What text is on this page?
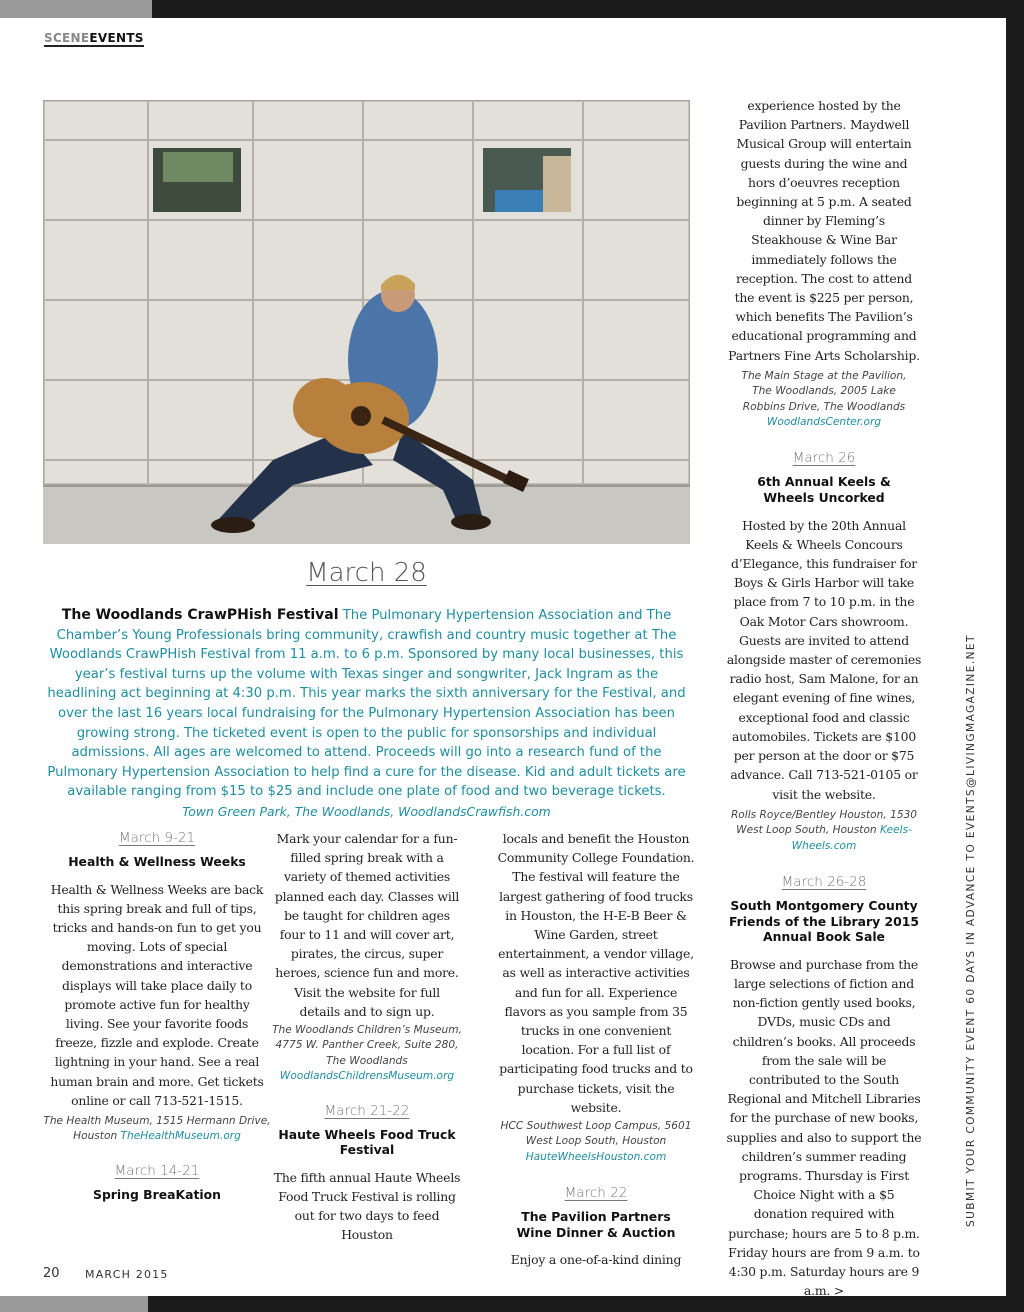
SCENEEVENTS
March 28
The Woodlands CrawPHish Festival The Pulmonary Hypertension Association and The Chamber’s Young Professionals bring community, crawfish and country music together at The Woodlands CrawPHish Festival from 11 a.m. to 6 p.m. Sponsored by many local businesses, this year’s festival turns up the volume with Texas singer and songwriter, Jack Ingram as the headlining act beginning at 4:30 p.m. This year marks the sixth anniversary for the Festival, and over the last 16 years local fundraising for the Pulmonary Hypertension Association has been growing strong. The ticketed event is open to the public for sponsorships and individual admissions. All ages are welcomed to attend. Proceeds will go into a research fund of the Pulmonary Hypertension Association to help find a cure for the disease. Kid and adult tickets are available ranging from $15 to $25 and include one plate of food and two beverage tickets.
Town Green Park, The Woodlands, WoodlandsCrawfish.com
March 9-21
Health & Wellness Weeks
Health & Wellness Weeks are back this spring break and full of tips, tricks and hands-on fun to get you moving. Lots of special demonstrations and interactive displays will take place daily to promote active fun for healthy living. See your favorite foods freeze, fizzle and explode. Create lightning in your hand. See a real human brain and more. Get tickets online or call 713-521-1515.
The Health Museum, 1515 Hermann Drive, Houston TheHealthMuseum.org
March 14-21
Spring BreaKation
Mark your calendar for a fun-filled spring break with a variety of themed activities planned each day. Classes will be taught for children ages four to 11 and will cover art, pirates, the circus, super heroes, science fun and more. Visit the website for full details and to sign up.
The Woodlands Children’s Museum, 4775 W. Panther Creek, Suite 280, The Woodlands
WoodlandsChildrensMuseum.org
March 21-22
Haute Wheels Food Truck Festival
The fifth annual Haute Wheels Food Truck Festival is rolling out for two days to feed Houston
locals and benefit the Houston Community College Foundation. The festival will feature the largest gathering of food trucks in Houston, the H-E-B Beer & Wine Garden, street entertainment, a vendor village, as well as interactive activities and fun for all. Experience flavors as you sample from 35 trucks in one convenient location. For a full list of participating food trucks and to purchase tickets, visit the website.
HCC Southwest Loop Campus, 5601 West Loop South, Houston
HauteWheelsHouston.com
March 22
The Pavilion Partners Wine Dinner & Auction
Enjoy a one-of-a-kind dining
experience hosted by the Pavilion Partners. Maydwell Musical Group will entertain guests during the wine and hors d’oeuvres reception beginning at 5 p.m. A seated dinner by Fleming’s Steakhouse & Wine Bar immediately follows the reception. The cost to attend the event is $225 per person, which benefits The Pavilion’s educational programming and Partners Fine Arts Scholarship.
The Main Stage at the Pavilion, The Woodlands, 2005 Lake Robbins Drive, The Woodlands
WoodlandsCenter.org
March 26
6th Annual Keels & Wheels Uncorked
Hosted by the 20th Annual Keels & Wheels Concours d’Elegance, this fundraiser for Boys & Girls Harbor will take place from 7 to 10 p.m. in the Oak Motor Cars showroom. Guests are invited to attend alongside master of ceremonies radio host, Sam Malone, for an elegant evening of fine wines, exceptional food and classic automobiles. Tickets are $100 per person at the door or $75 advance. Call 713-521-0105 or visit the website.
Rolls Royce/Bentley Houston, 1530 West Loop South, Houston Keels-Wheels.com
March 26-28
South Montgomery County Friends of the Library 2015 Annual Book Sale
Browse and purchase from the large selections of fiction and non-fiction gently used books, DVDs, music CDs and children’s books. All proceeds from the sale will be contributed to the South Regional and Mitchell Libraries for the purchase of new books, supplies and also to support the children’s summer reading programs. Thursday is First Choice Night with a $5 donation required with purchase; hours are 5 to 8 p.m. Friday hours are from 9 a.m. to 4:30 p.m. Saturday hours are 9 a.m. >
SUBMIT YOUR COMMUNITY EVENT 60 DAYS IN ADVANCE TO EVENTS@LIVINGMAGAZINE.NET
20 MARCH 2015
